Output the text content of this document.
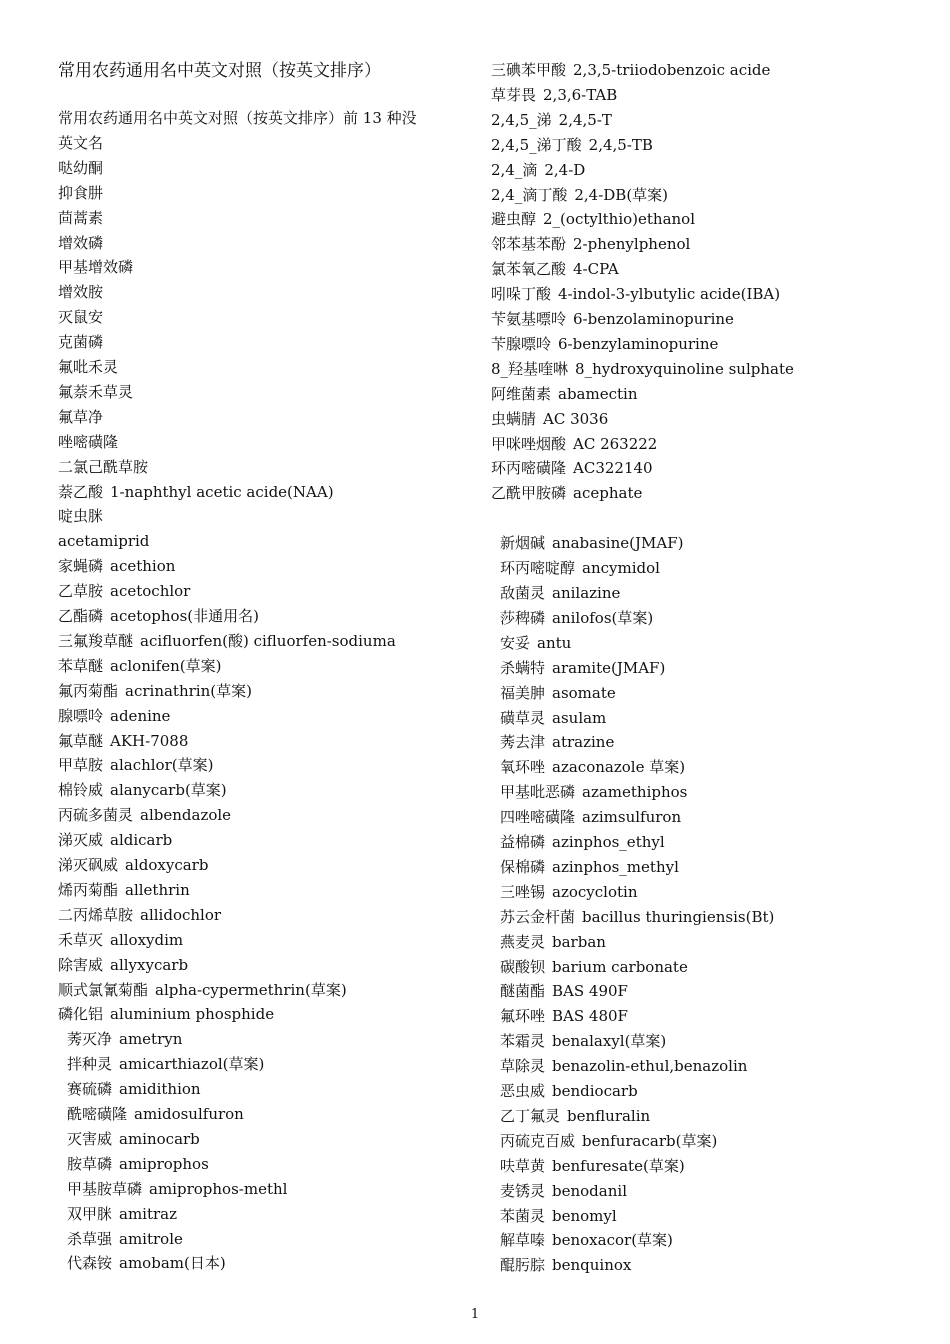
常用农药通用名中英文对照（按英文排序）
常用农药通用名中英文对照（按英文排序）前 13 种没
英文名
哒幼酮
抑食肼
茴蒿素
增效磷
甲基增效磷
增效胺
灭鼠安
克菌磷
氟吡禾灵
氟萘禾草灵
氟草净
唑嘧磺隆
二氯己酰草胺
萘乙酸 1-naphthyl acetic acide(NAA)
啶虫脒
acetamiprid
家蝇磷 acethion
乙草胺 acetochlor
乙酯磷 acetophos(非通用名)
三氟羧草醚 acifluorfen(酸) cifluorfen-sodiuma
苯草醚 aclonifen(草案)
氟丙菊酯 acrinathrin(草案)
腺嘌呤 adenine
氟草醚 AKH-7088
甲草胺 alachlor(草案)
棉铃威 alanycarb(草案)
丙硫多菌灵 albendazole
涕灭威 aldicarb
涕灭砜威 aldoxycarb
烯丙菊酯 allethrin
二丙烯草胺 allidochlor
禾草灭 alloxydim
除害威 allyxycarb
顺式氯氰菊酯 alpha-cypermethrin(草案)
磷化铝 aluminium phosphide
莠灭净 ametryn
拌种灵 amicarthiazol(草案)
赛硫磷 amidithion
酰嘧磺隆 amidosulfuron
灭害威 aminocarb
胺草磷 amiprophos
甲基胺草磷 amiprophos-methl
双甲脒 amitraz
杀草强 amitrole
代森铵 amobam(日本)
三碘苯甲酸 2,3,5-triiodobenzoic acide
草芽畏 2,3,6-TAB
2,4,5_涕 2,4,5-T
2,4,5_涕丁酸 2,4,5-TB
2,4_滴 2,4-D
2,4_滴丁酸 2,4-DB(草案)
避虫醇 2_(octylthio)ethanol
邻苯基苯酚 2-phenylphenol
氯苯氧乙酸 4-CPA
吲哚丁酸 4-indol-3-ylbutylic acide(IBA)
苄氨基嘌呤 6-benzolaminopurine
苄腺嘌呤 6-benzylaminopurine
8_羟基喹啉 8_hydroxyquinoline sulphate
阿维菌素 abamectin
虫螨腈 AC 3036
甲咪唑烟酸 AC 263222
环丙嘧磺隆 AC322140
乙酰甲胺磷 acephate
新烟碱 anabasine(JMAF)
环丙嘧啶醇 ancymidol
敌菌灵 anilazine
莎稗磷 anilofos(草案)
安妥 antu
杀螨特 aramite(JMAF)
福美胂 asomate
磺草灵 asulam
莠去津 atrazine
氧环唑 azaconazole 草案)
甲基吡恶磷 azamethiphos
四唑嘧磺隆 azimsulfuron
益棉磷 azinphos_ethyl
保棉磷 azinphos_methyl
三唑锡 azocyclotin
苏云金杆菌 bacillus thuringiensis(Bt)
燕麦灵 barban
碳酸钡 barium carbonate
醚菌酯 BAS 490F
氟环唑 BAS 480F
苯霜灵 benalaxyl(草案)
草除灵 benazolin-ethul,benazolin
恶虫威 bendiocarb
乙丁氟灵 benfluralin
丙硫克百威 benfuracarb(草案)
呋草黄 benfuresate(草案)
麦锈灵 benodanil
苯菌灵 benomyl
解草嗪 benoxacor(草案)
醌肟腙 benquinox
1
